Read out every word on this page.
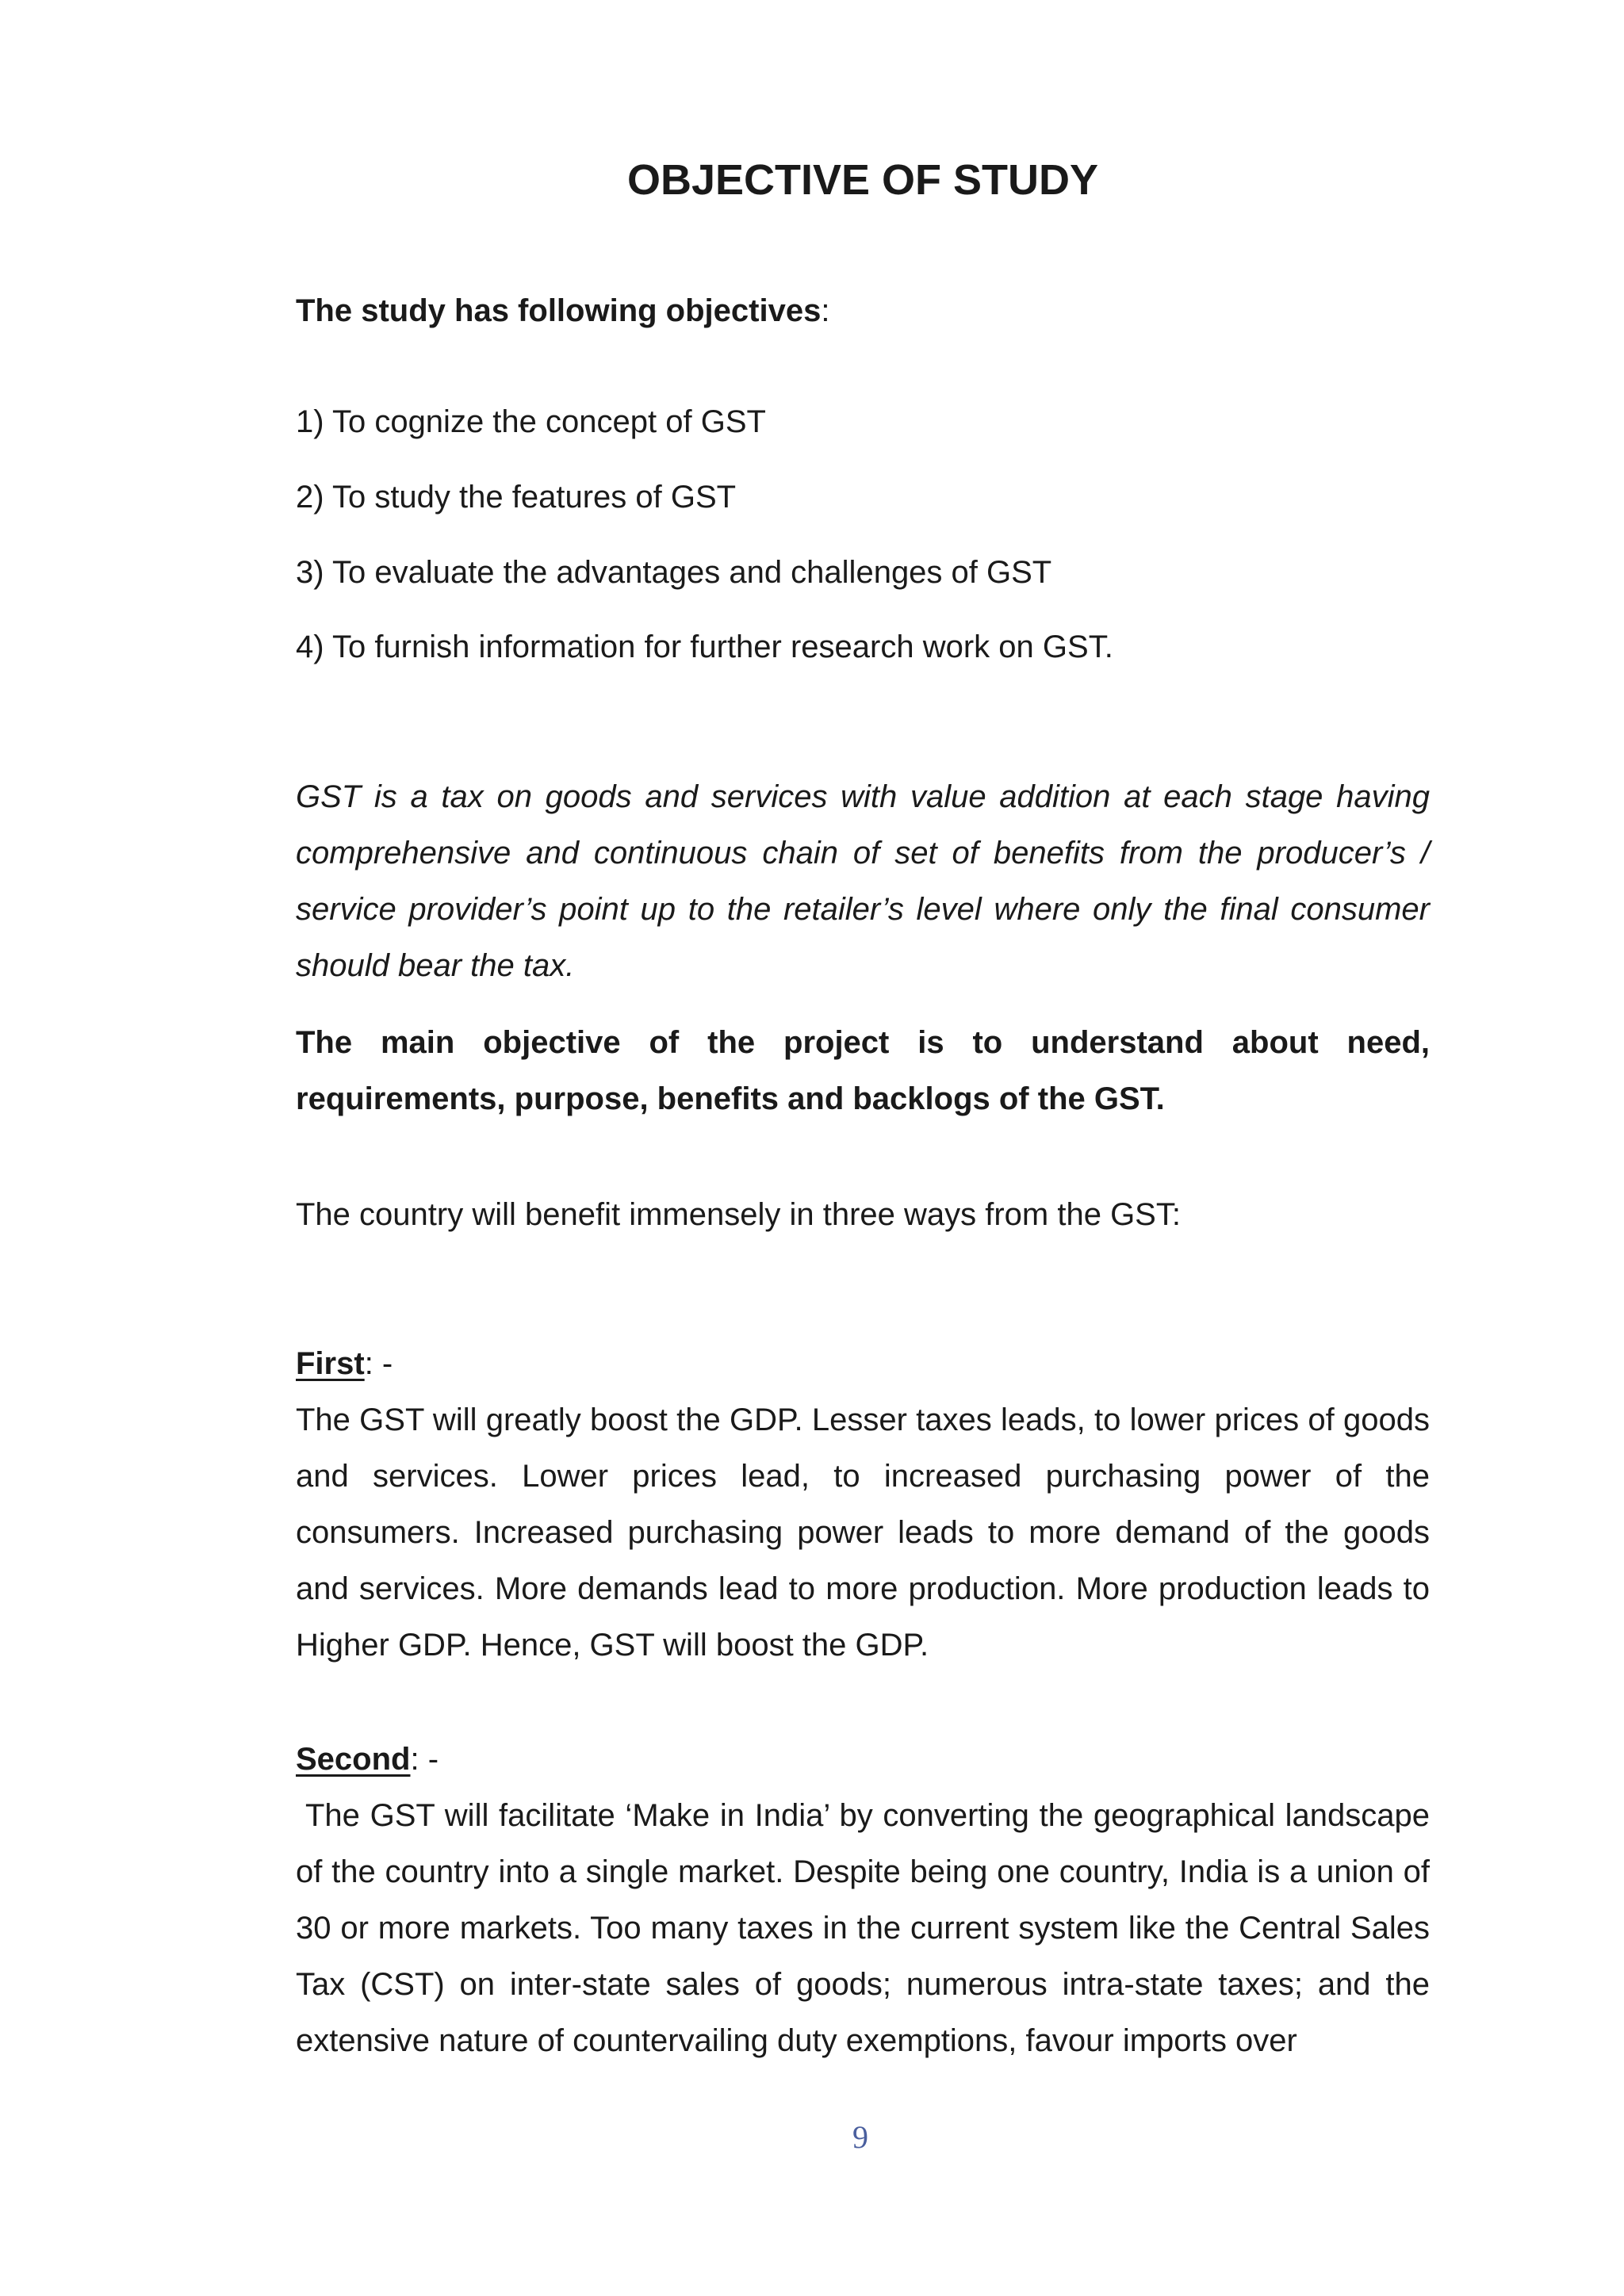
OBJECTIVE OF STUDY

The study has following objectives:

1) To cognize the concept of GST

2) To study the features of GST

3) To evaluate the advantages and challenges of GST

4) To furnish information for further research work on GST.

GST is a tax on goods and services with value addition at each stage having comprehensive and continuous chain of set of benefits from the producer’s / service provider’s point up to the retailer’s level where only the final consumer should bear the tax.

The main objective of the project is to understand about need, requirements, purpose, benefits and backlogs of the GST.

The country will benefit immensely in three ways from the GST:

First: -

The GST will greatly boost the GDP. Lesser taxes leads, to lower prices of goods and services. Lower prices lead, to increased purchasing power of the consumers. Increased purchasing power leads to more demand of the goods and services. More demands lead to more production. More production leads to Higher GDP. Hence, GST will boost the GDP.

Second: -

The GST will facilitate ‘Make in India’ by converting the geographical landscape of the country into a single market. Despite being one country, India is a union of 30 or more markets. Too many taxes in the current system like the Central Sales Tax (CST) on inter-state sales of goods; numerous intra-state taxes; and the extensive nature of countervailing duty exemptions, favour imports over

9
